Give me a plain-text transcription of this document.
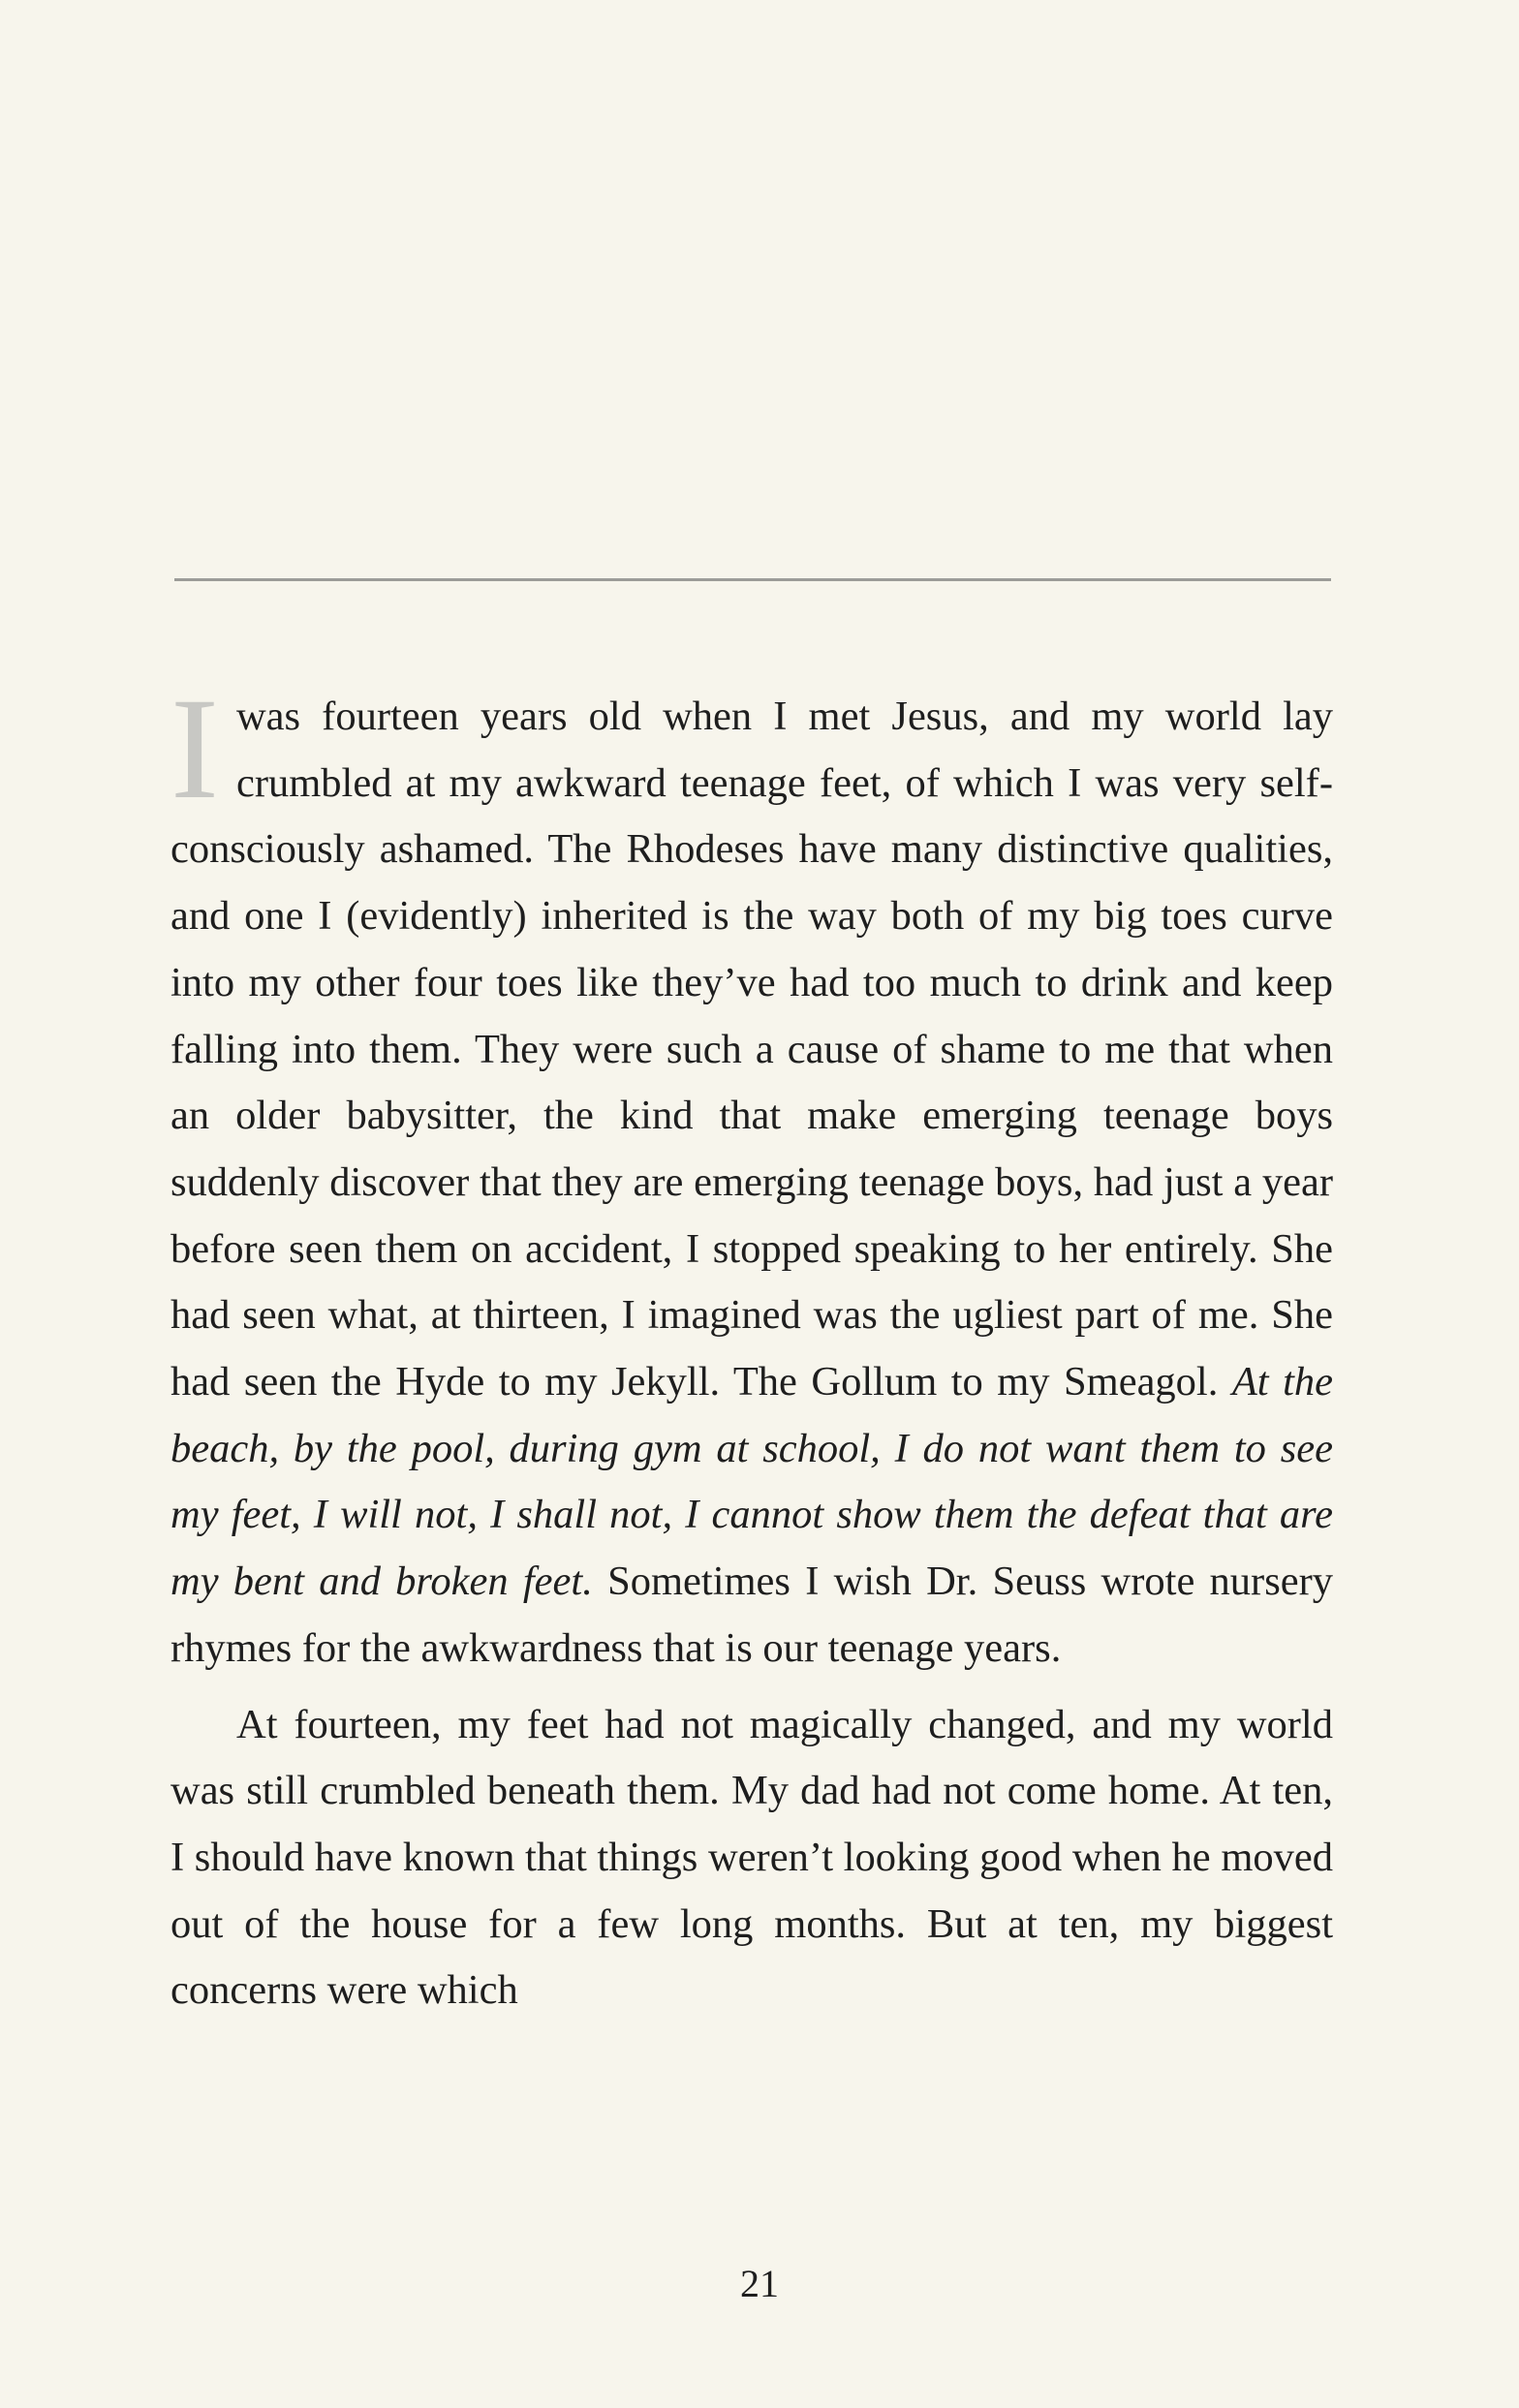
Iwas fourteen years old when I met Jesus, and my world lay crumbled at my awkward teenage feet, of which I was very self-consciously ashamed. The Rhodeses have many distinctive qualities, and one I (evidently) inherited is the way both of my big toes curve into my other four toes like they’ve had too much to drink and keep falling into them. They were such a cause of shame to me that when an older babysitter, the kind that make emerging teenage boys suddenly discover that they are emerging teenage boys, had just a year before seen them on accident, I stopped speaking to her entirely. She had seen what, at thirteen, I imagined was the ugliest part of me. She had seen the Hyde to my Jekyll. The Gollum to my Smeagol. At the beach, by the pool, during gym at school, I do not want them to see my feet, I will not, I shall not, I cannot show them the defeat that are my bent and broken feet. Sometimes I wish Dr. Seuss wrote nursery rhymes for the awkwardness that is our teenage years.

At fourteen, my feet had not magically changed, and my world was still crumbled beneath them. My dad had not come home. At ten, I should have known that things weren’t looking good when he moved out of the house for a few long months. But at ten, my biggest concerns were which

21
